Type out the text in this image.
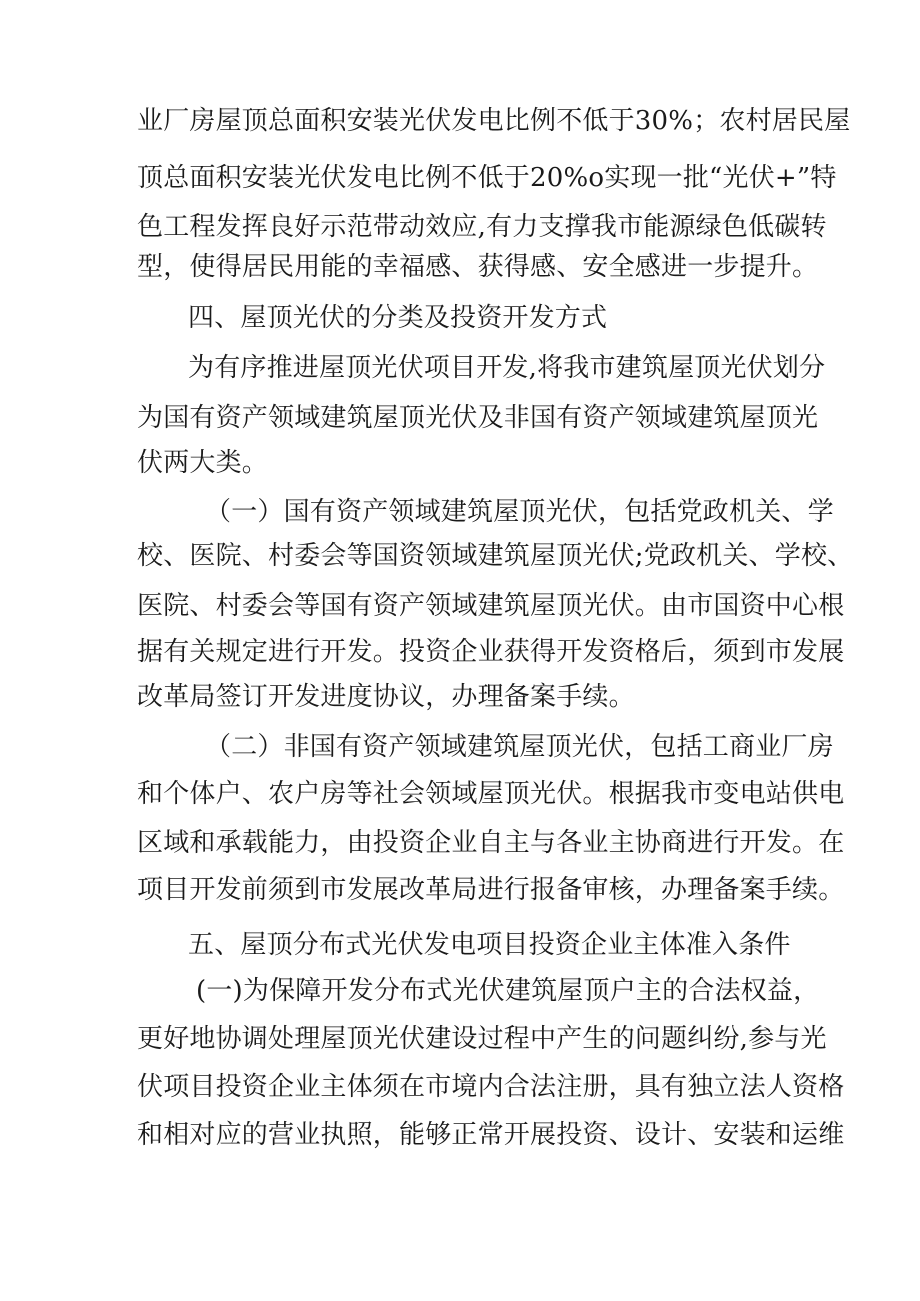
业厂房屋顶总面积安装光伏发电比例不低于30%；农村居民屋
顶总面积安装光伏发电比例不低于20%o实现一批“光伏+”特
色工程发挥良好示范带动效应,有力支撑我市能源绿色低碳转
型，使得居民用能的幸福感、获得感、安全感进一步提升。
四、屋顶光伏的分类及投资开发方式
为有序推进屋顶光伏项目开发,将我市建筑屋顶光伏划分
为国有资产领域建筑屋顶光伏及非国有资产领域建筑屋顶光
伏两大类。
（一）国有资产领域建筑屋顶光伏，包括党政机关、学
校、医院、村委会等国资领域建筑屋顶光伏;党政机关、学校、
医院、村委会等国有资产领域建筑屋顶光伏。由市国资中心根
据有关规定进行开发。投资企业获得开发资格后，须到市发展
改革局签订开发进度协议，办理备案手续。
（二）非国有资产领域建筑屋顶光伏，包括工商业厂房
和个体户、农户房等社会领域屋顶光伏。根据我市变电站供电
区域和承载能力，由投资企业自主与各业主协商进行开发。在
项目开发前须到市发展改革局进行报备审核，办理备案手续。
五、屋顶分布式光伏发电项目投资企业主体准入条件
(一)为保障开发分布式光伏建筑屋顶户主的合法权益，
更好地协调处理屋顶光伏建设过程中产生的问题纠纷,参与光
伏项目投资企业主体须在市境内合法注册，具有独立法人资格
和相对应的营业执照，能够正常开展投资、设计、安装和运维
